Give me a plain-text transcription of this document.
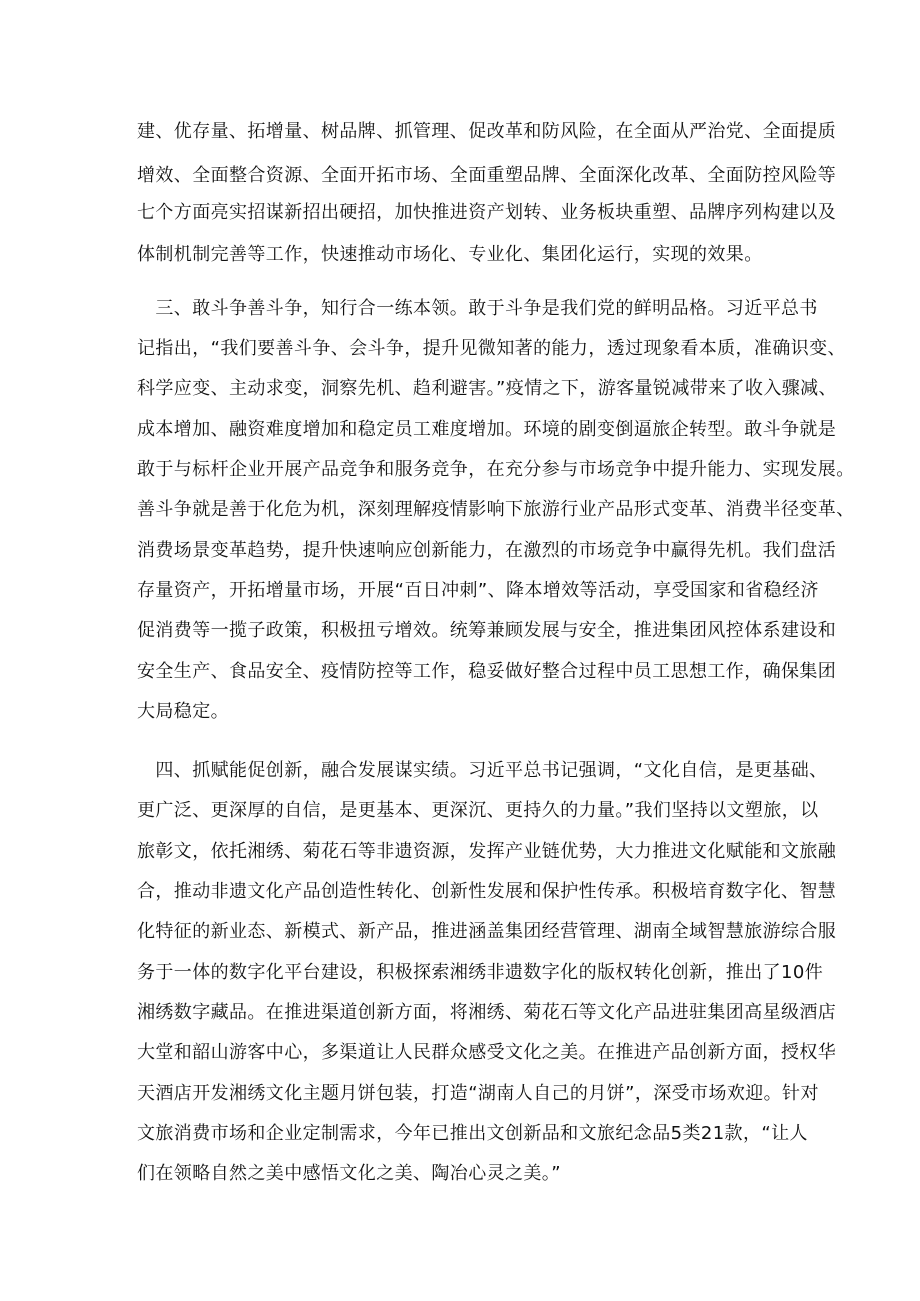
建、优存量、拓增量、树品牌、抓管理、促改革和防风险，在全面从严治党、全面提质

增效、全面整合资源、全面开拓市场、全面重塑品牌、全面深化改革、全面防控风险等

七个方面亮实招谋新招出硬招，加快推进资产划转、业务板块重塑、品牌序列构建以及

体制机制完善等工作，快速推动市场化、专业化、集团化运行，实现的效果。

　三、敢斗争善斗争，知行合一练本领。敢于斗争是我们党的鲜明品格。习近平总书

记指出，“我们要善斗争、会斗争，提升见微知著的能力，透过现象看本质，准确识变、

科学应变、主动求变，洞察先机、趋利避害。”疫情之下，游客量锐减带来了收入骤减、

成本增加、融资难度增加和稳定员工难度增加。环境的剧变倒逼旅企转型。敢斗争就是

敢于与标杆企业开展产品竞争和服务竞争，在充分参与市场竞争中提升能力、实现发展。

善斗争就是善于化危为机，深刻理解疫情影响下旅游行业产品形式变革、消费半径变革、

消费场景变革趋势，提升快速响应创新能力，在激烈的市场竞争中赢得先机。我们盘活

存量资产，开拓增量市场，开展“百日冲刺”、降本增效等活动，享受国家和省稳经济

促消费等一揽子政策，积极扭亏增效。统筹兼顾发展与安全，推进集团风控体系建设和

安全生产、食品安全、疫情防控等工作，稳妥做好整合过程中员工思想工作，确保集团

大局稳定。

　四、抓赋能促创新，融合发展谋实绩。习近平总书记强调，“文化自信，是更基础、

更广泛、更深厚的自信，是更基本、更深沉、更持久的力量。”我们坚持以文塑旅，以

旅彰文，依托湘绣、菊花石等非遗资源，发挥产业链优势，大力推进文化赋能和文旅融

合，推动非遗文化产品创造性转化、创新性发展和保护性传承。积极培育数字化、智慧

化特征的新业态、新模式、新产品，推进涵盖集团经营管理、湖南全域智慧旅游综合服

务于一体的数字化平台建设，积极探索湘绣非遗数字化的版权转化创新，推出了10件

湘绣数字藏品。在推进渠道创新方面，将湘绣、菊花石等文化产品进驻集团高星级酒店

大堂和韶山游客中心，多渠道让人民群众感受文化之美。在推进产品创新方面，授权华

天酒店开发湘绣文化主题月饼包装，打造“湖南人自己的月饼”，深受市场欢迎。针对

文旅消费市场和企业定制需求，今年已推出文创新品和文旅纪念品5类21款，“让人

们在领略自然之美中感悟文化之美、陶冶心灵之美。”
